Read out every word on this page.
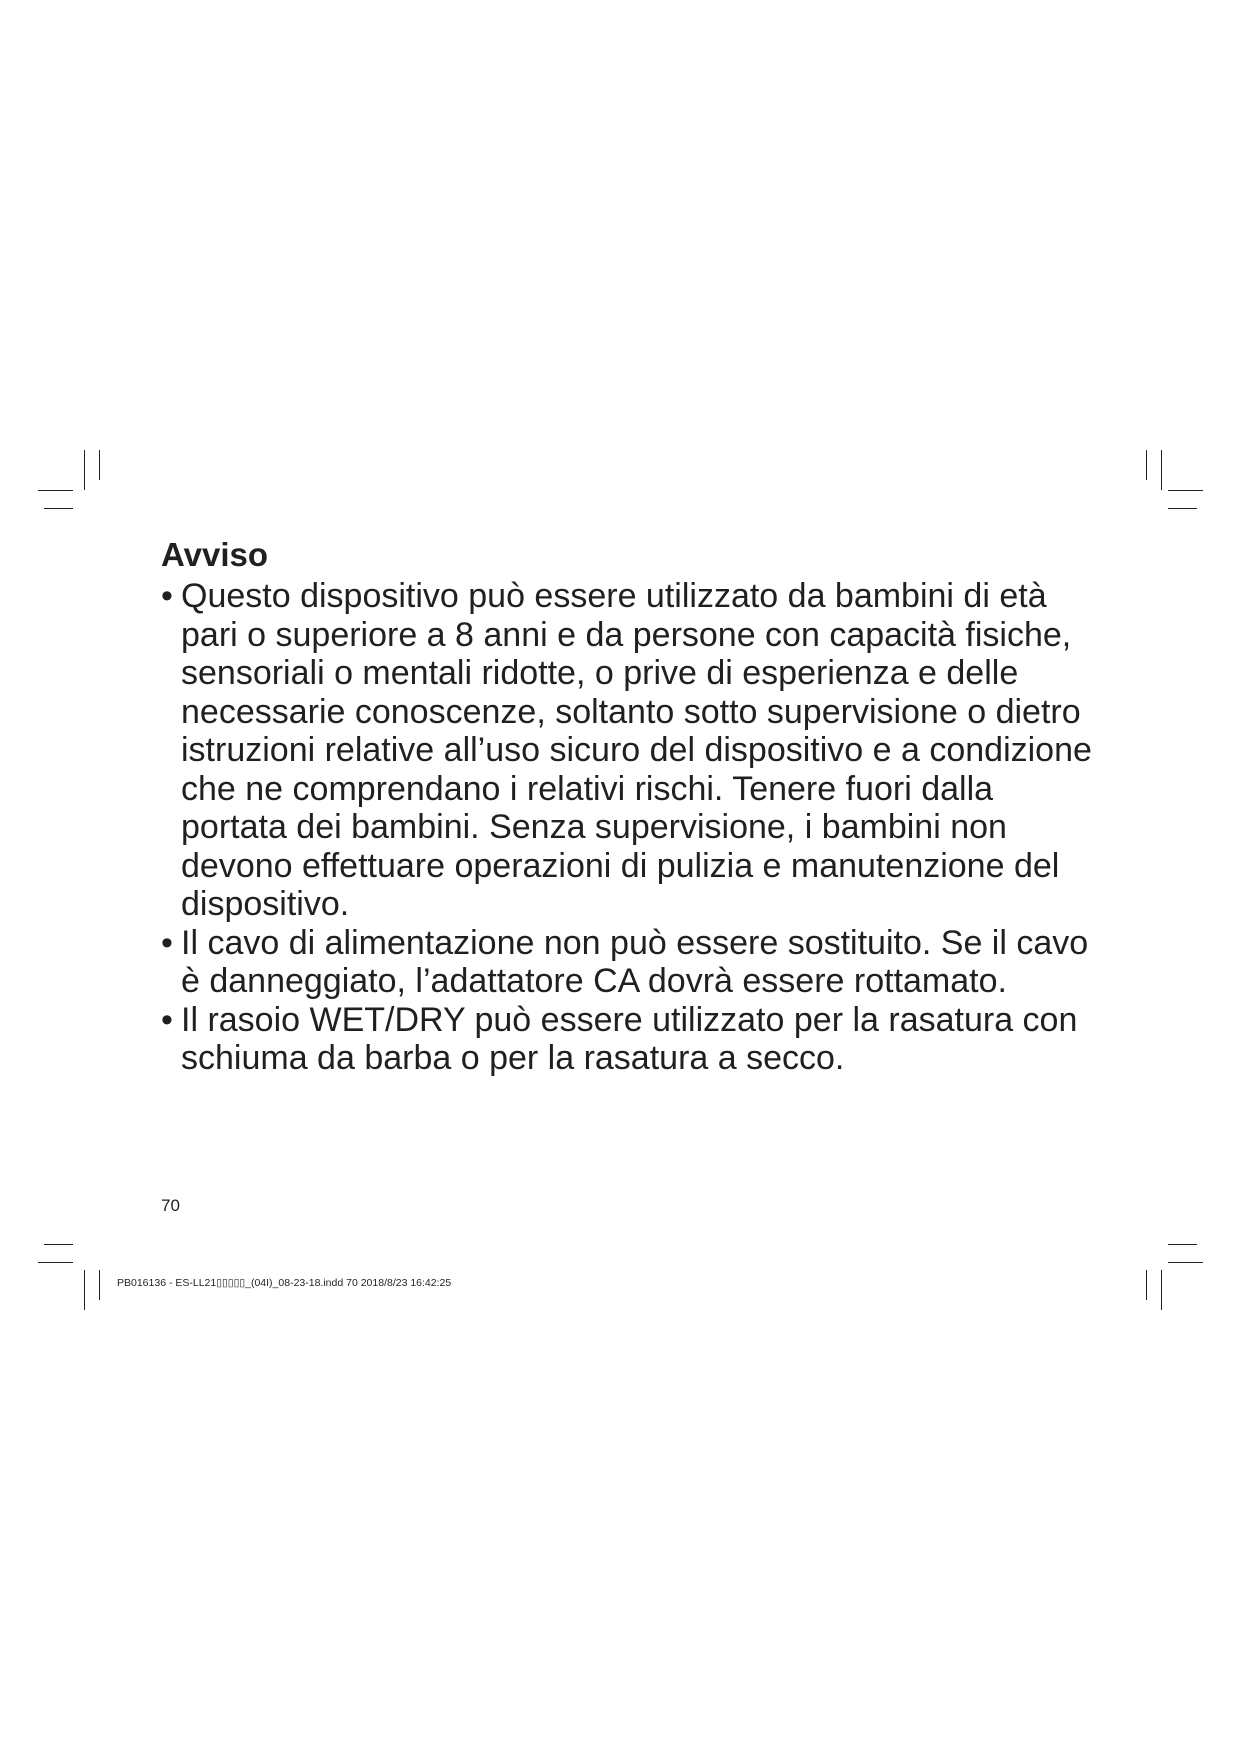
Avviso
• Questo dispositivo può essere utilizzato da bambini di età pari o superiore a 8 anni e da persone con capacità fisiche, sensoriali o mentali ridotte, o prive di esperienza e delle necessarie conoscenze, soltanto sotto supervisione o dietro istruzioni relative all’uso sicuro del dispositivo e a condizione che ne comprendano i relativi rischi. Tenere fuori dalla portata dei bambini. Senza supervisione, i bambini non devono effettuare operazioni di pulizia e manutenzione del dispositivo.
• Il cavo di alimentazione non può essere sostituito. Se il cavo è danneggiato, l’adattatore CA dovrà essere rottamato.
• Il rasoio WET/DRY può essere utilizzato per la rasatura con schiuma da barba o per la rasatura a secco.
70
PB016136 - ES-LL21▯▯▯▯▯_(04I)_08-23-18.indd 70 2018/8/23 16:42:25
